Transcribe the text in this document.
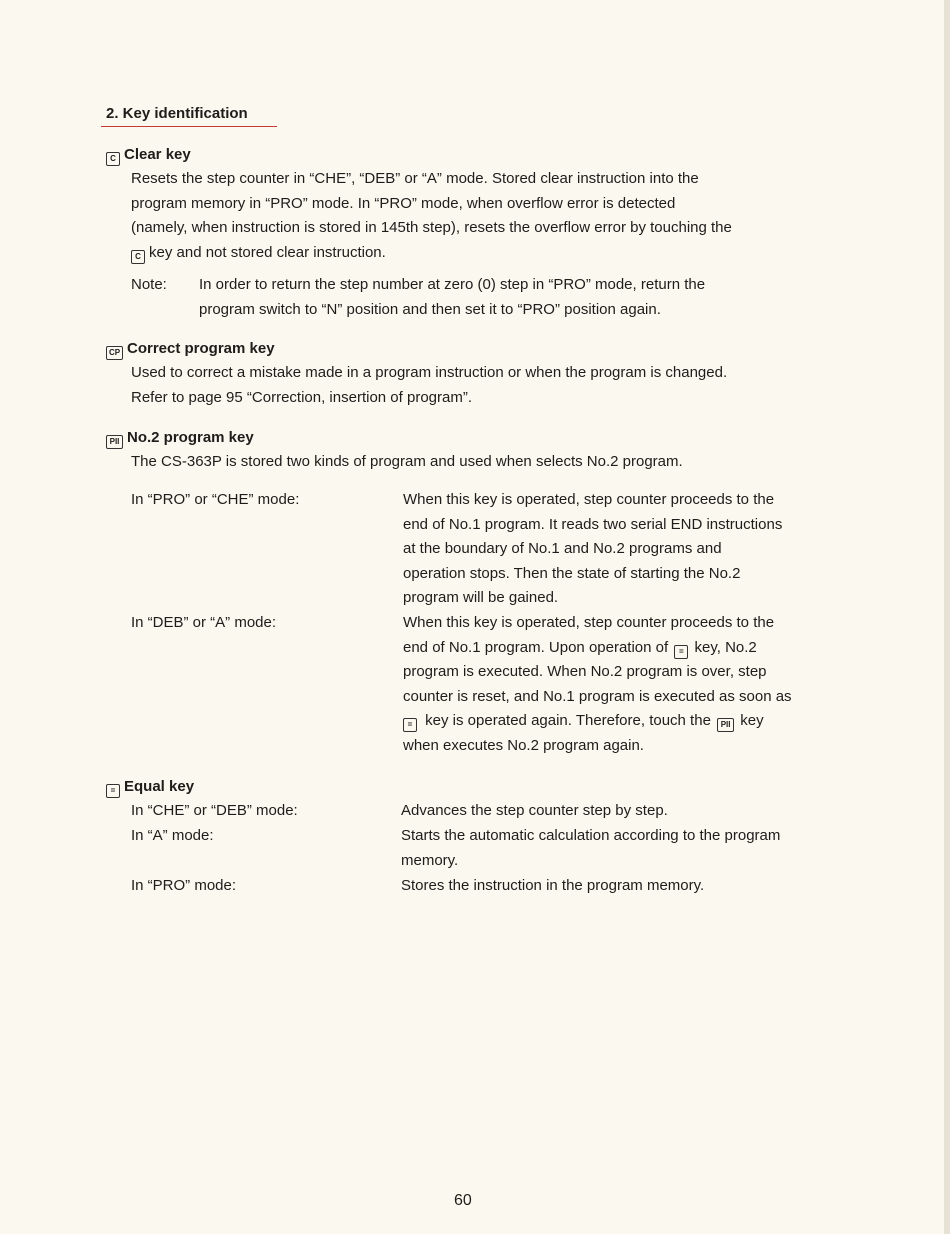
2. Key identification
C Clear key
Resets the step counter in “CHE”, “DEB” or “A” mode. Stored clear instruction into the
program memory in “PRO” mode. In “PRO” mode, when overflow error is detected
(namely, when instruction is stored in 145th step), resets the overflow error by touching the
C key and not stored clear instruction.
Note: In order to return the step number at zero (0) step in “PRO” mode, return the
program switch to “N” position and then set it to “PRO” position again.
CP Correct program key
Used to correct a mistake made in a program instruction or when the program is changed.
Refer to page 95 “Correction, insertion of program”.
PII No.2 program key
The CS-363P is stored two kinds of program and used when selects No.2 program.
In “PRO” or “CHE” mode:	When this key is operated, step counter proceeds to the
end of No.1 program. It reads two serial END instructions
at the boundary of No.1 and No.2 programs and
operation stops. Then the state of starting the No.2
program will be gained.
In “DEB” or “A” mode:	When this key is operated, step counter proceeds to the
end of No.1 program. Upon operation of = key, No.2
program is executed. When No.2 program is over, step
counter is reset, and No.1 program is executed as soon as
= key is operated again. Therefore, touch the PII key
when executes No.2 program again.
= Equal key
In “CHE” or “DEB” mode:	Advances the step counter step by step.
In “A” mode:	Starts the automatic calculation according to the program
memory.
In “PRO” mode:	Stores the instruction in the program memory.
60
